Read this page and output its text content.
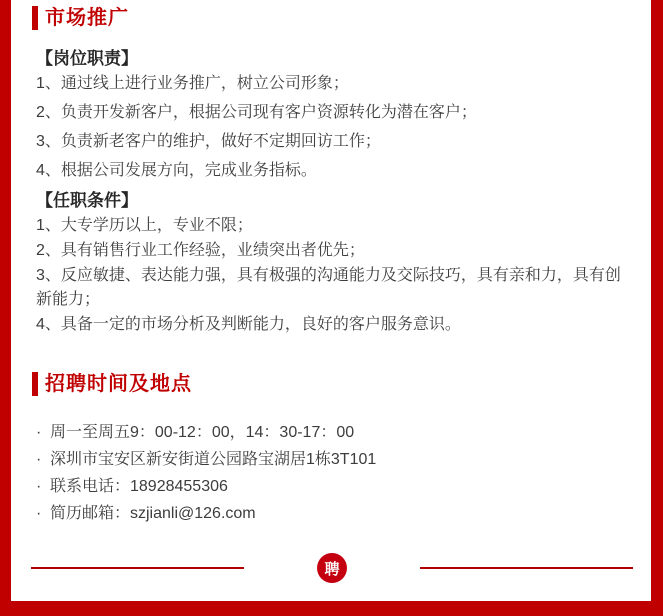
市场推广
【岗位职责】

1、通过线上进行业务推广，树立公司形象；

2、负责开发新客户，根据公司现有客户资源转化为潜在客户；

3、负责新老客户的维护，做好不定期回访工作；

4、根据公司发展方向，完成业务指标。

【任职条件】

1、大专学历以上，专业不限；

2、具有销售行业工作经验，业绩突出者优先；

3、反应敏捷、表达能力强，具有极强的沟通能力及交际技巧，具有亲和力，具有创新能力；

4、具备一定的市场分析及判断能力，良好的客户服务意识。

招聘时间及地点

· 周一至周五9：00-12：00，14：30-17：00

· 深圳市宝安区新安街道公园路宝湖居1栋3T101

· 联系电话：18928455306

· 简历邮箱：szjianli@126.com

聘
